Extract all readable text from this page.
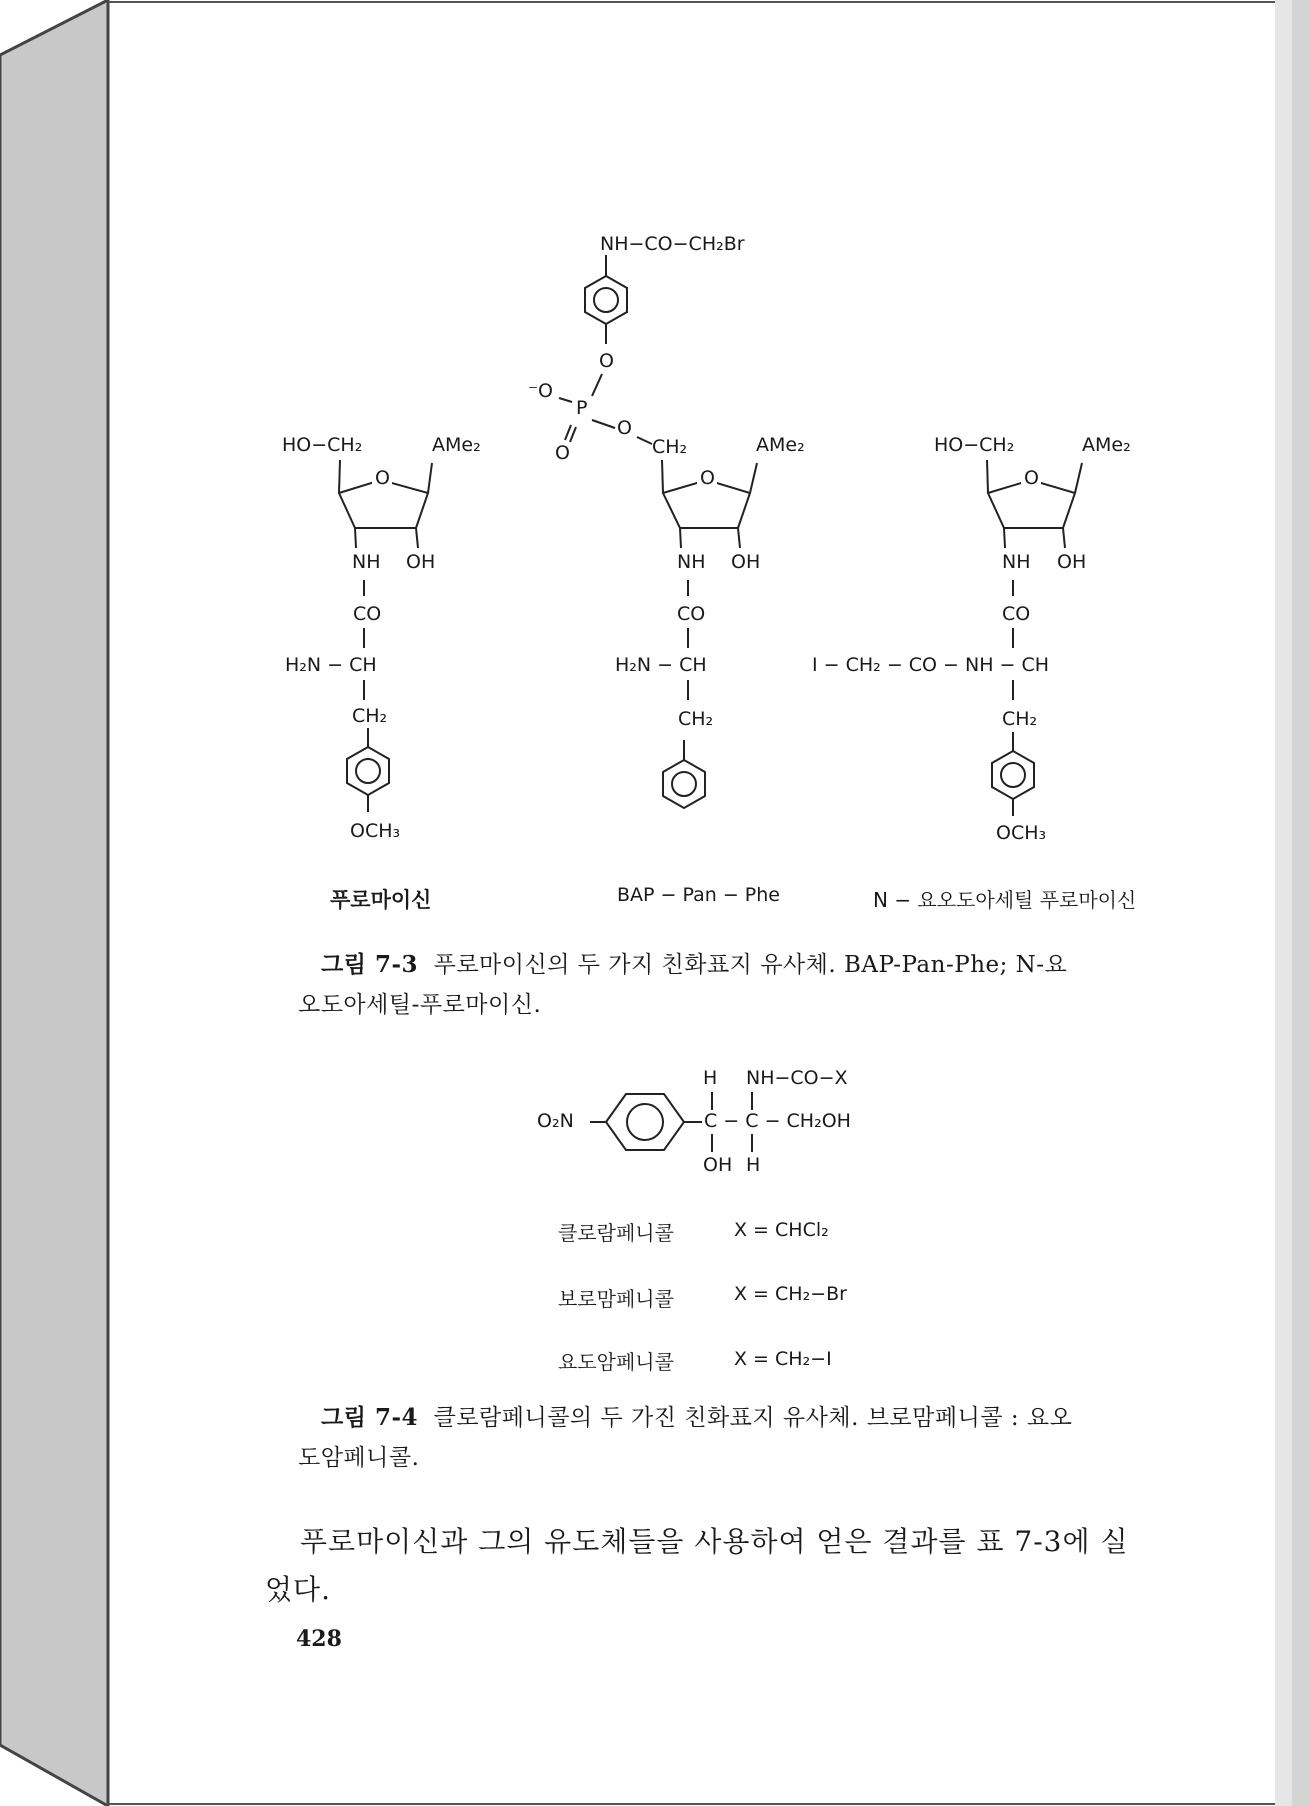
HO−CH₂	AMe₂
O
NH OH
CO
H₂N − CH
CH₂
OCH₃
푸로마이신
NH−CO−CH₂Br
O
⁻O
P
O
O
CH₂	AMe₂
O
NH OH
CO
H₂N − CH
CH₂
BAP − Pan − Phe
HO−CH₂	AMe₂
O
NH OH
CO
I − CH₂ − CO − NH − CH
CH₂
OCH₃
N − 요오도아세틸 푸로마이신
그림 7-3 푸로마이신의 두 가지 친화표지 유사체. BAP-Pan-Phe; N-요
오도아세틸-푸로마이신.
H NH−CO−X
O₂N	C − C − CH₂OH
OH H
클로람페니콜	X = CHCl₂
보로맘페니콜	X = CH₂−Br
요도암페니콜	X = CH₂−I
그림 7-4 클로람페니콜의 두 가진 친화표지 유사체. 브로맘페니콜 : 요오
도암페니콜.
푸로마이신과 그의 유도체들을 사용하여 얻은 결과를 표 7-3에 실
었다.
428
